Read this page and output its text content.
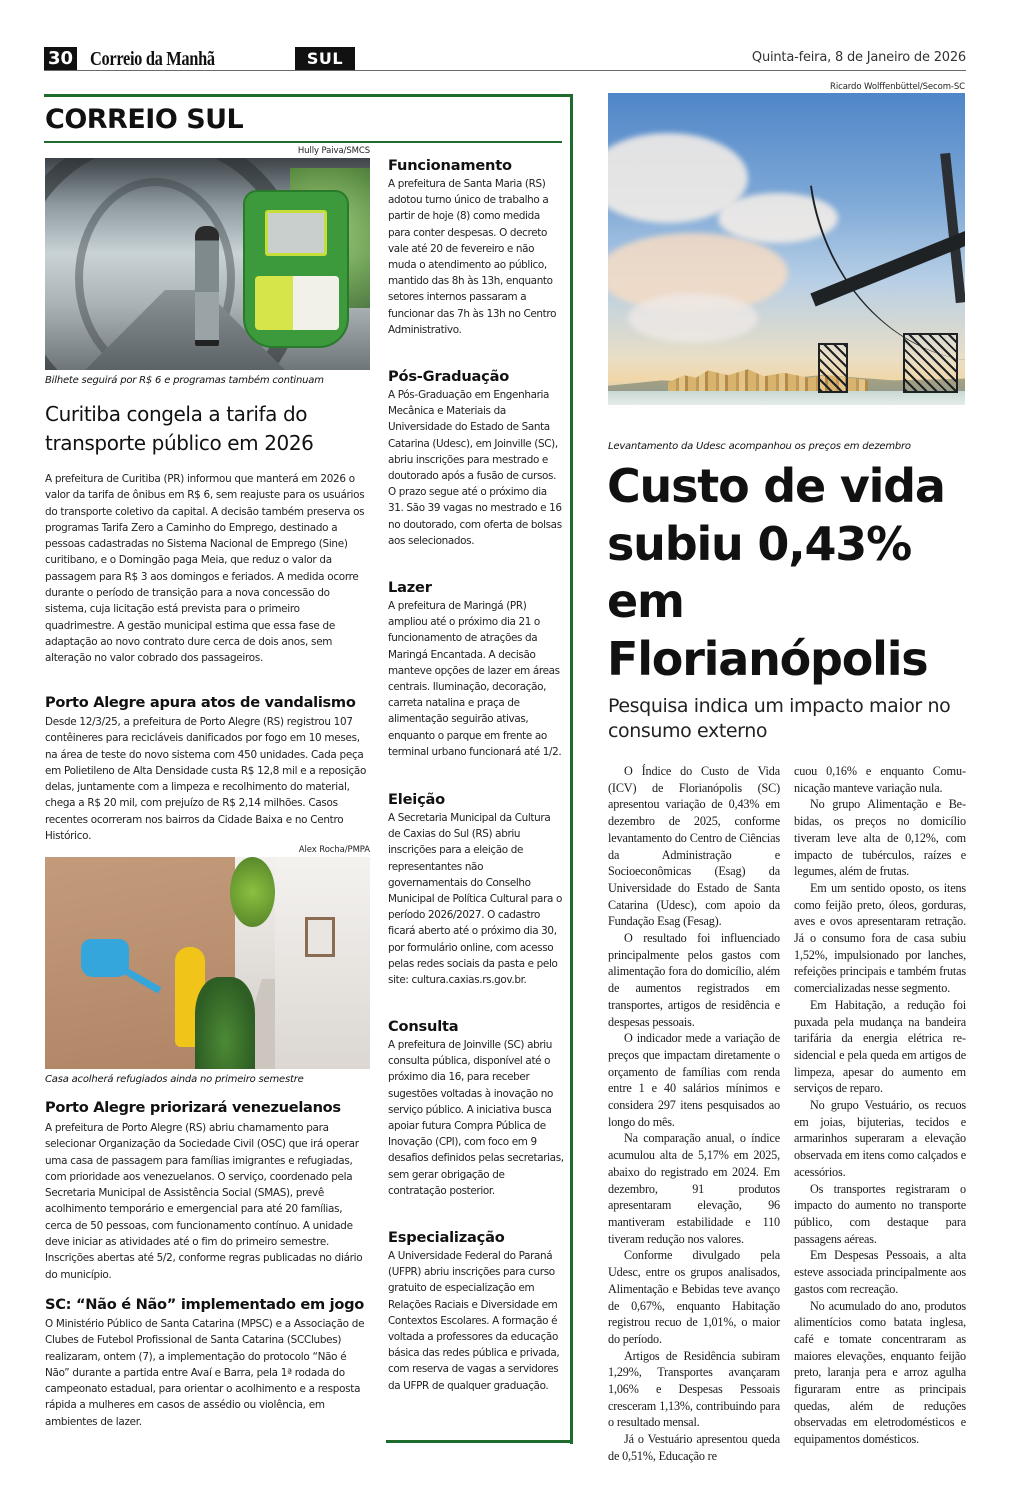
30 Correio da Manhã	SUL	Quinta-feira, 8 de Janeiro de 2026
CORREIO SUL
Hully Paiva/SMCS
Bilhete seguirá por R$ 6 e programas também continuam
Curitiba congela a tarifa do transporte público em 2026
A prefeitura de Curitiba (PR) informou que manterá em 2026 o valor da tarifa de ônibus em R$ 6, sem reajuste para os usuários do transporte coletivo da capital. A decisão também preserva os programas Tarifa Zero a Caminho do Emprego, destinado a pessoas cadastradas no Sistema Nacional de Emprego (Sine) curitibano, e o Domingão paga Meia, que reduz o valor da passagem para R$ 3 aos domingos e feriados. A medida ocorre durante o período de transição para a nova concessão do sistema, cuja licitação está prevista para o primeiro quadrimestre. A gestão municipal estima que essa fase de adaptação ao novo contrato dure cerca de dois anos, sem alteração no valor cobrado dos passageiros.
Porto Alegre apura atos de vandalismo
Desde 12/3/25, a prefeitura de Porto Alegre (RS) registrou 107 contêineres para recicláveis danificados por fogo em 10 meses, na área de teste do novo sistema com 450 unidades. Cada peça em Polietileno de Alta Densidade custa R$ 12,8 mil e a reposição delas, juntamente com a limpeza e recolhimento do material, chega a R$ 20 mil, com prejuízo de R$ 2,14 milhões. Casos recentes ocorreram nos bairros da Cidade Baixa e no Centro Histórico.
Alex Rocha/PMPA
Casa acolherá refugiados ainda no primeiro semestre
Porto Alegre priorizará venezuelanos
A prefeitura de Porto Alegre (RS) abriu chamamento para selecionar Organização da Sociedade Civil (OSC) que irá operar uma casa de passagem para famílias imigrantes e refugiadas, com prioridade aos venezuelanos. O serviço, coordenado pela Secretaria Municipal de Assistência Social (SMAS), prevê acolhimento temporário e emergencial para até 20 famílias, cerca de 50 pessoas, com funcionamento contínuo. A unidade deve iniciar as atividades até o fim do primeiro semestre. Inscrições abertas até 5/2, conforme regras publicadas no diário do município.
SC: “Não é Não” implementado em jogo
O Ministério Público de Santa Catarina (MPSC) e a Associação de Clubes de Futebol Profissional de Santa Catarina (SCClubes) realizaram, ontem (7), a implementação do protocolo “Não é Não” durante a partida entre Avaí e Barra, pela 1ª rodada do campeonato estadual, para orientar o acolhimento e a resposta rápida a mulheres em casos de assédio ou violência, em ambientes de lazer.
Funcionamento
A prefeitura de Santa Maria (RS) adotou turno único de trabalho a partir de hoje (8) como medida para conter despesas. O decreto vale até 20 de fevereiro e não muda o atendimento ao público, mantido das 8h às 13h, enquanto setores internos passaram a funcionar das 7h às 13h no Centro Administrativo.
Pós-Graduação
A Pós-Graduação em Engenharia Mecânica e Materiais da Universidade do Estado de Santa Catarina (Udesc), em Joinville (SC), abriu inscrições para mestrado e doutorado após a fusão de cursos. O prazo segue até o próximo dia 31. São 39 vagas no mestrado e 16 no doutorado, com oferta de bolsas aos selecionados.
Lazer
A prefeitura de Maringá (PR) ampliou até o próximo dia 21 o funcionamento de atrações da Maringá Encantada. A decisão manteve opções de lazer em áreas centrais. Iluminação, decoração, carreta natalina e praça de alimentação seguirão ativas, enquanto o parque em frente ao terminal urbano funcionará até 1/2.
Eleição
A Secretaria Municipal da Cultura de Caxias do Sul (RS) abriu inscrições para a eleição de representantes não governamentais do Conselho Municipal de Política Cultural para o período 2026/2027. O cadastro ficará aberto até o próximo dia 30, por formulário online, com acesso pelas redes sociais da pasta e pelo site: cultura.caxias.rs.gov.br.
Consulta
A prefeitura de Joinville (SC) abriu consulta pública, disponível até o próximo dia 16, para receber sugestões voltadas à inovação no serviço público. A iniciativa busca apoiar futura Compra Pública de Inovação (CPI), com foco em 9 desafios definidos pelas secretarias, sem gerar obrigação de contratação posterior.
Especialização
A Universidade Federal do Paraná (UFPR) abriu inscrições para curso gratuito de especialização em Relações Raciais e Diversidade em Contextos Escolares. A formação é voltada a professores da educação básica das redes pública e privada, com reserva de vagas a servidores da UFPR de qualquer graduação.
Ricardo Wolffenbüttel/Secom-SC
Levantamento da Udesc acompanhou os preços em dezembro
Custo de vida subiu 0,43% em Florianópolis
Pesquisa indica um impacto maior no consumo externo

O Índice do Custo de Vida (ICV) de Florianópolis (SC) apresentou variação de 0,43% em dezembro de 2025, conforme levantamento do Centro de Ciências da Administração e Socioeconômicas (Esag) da Universidade do Estado de Santa Catarina (Udesc), com apoio da Fundação Esag (Fesag).

O resultado foi influenciado principalmente pelos gastos com alimentação fora do domicílio, além de aumentos registrados em transportes, artigos de residência e despesas pessoais.

O indicador mede a variação de preços que impactam diretamente o orçamento de famílias com renda entre 1 e 40 salários mínimos e considera 297 itens pesquisados ao longo do mês.

Na comparação anual, o índice acumulou alta de 5,17% em 2025, abaixo do registrado em 2024. Em dezembro, 91 produtos apresentaram elevação, 96 mantiveram estabilidade e 110 tiveram redução nos valores.

Conforme divulgado pela Udesc, entre os grupos analisados, Alimentação e Bebidas teve avanço de 0,67%, enquanto Habitação registrou recuo de 1,01%, o maior do período.

Artigos de Residência subiram 1,29%, Transportes avançaram 1,06% e Despesas Pessoais cresceram 1,13%, contribuindo para o resultado mensal.

Já o Vestuário apresentou queda de 0,51%, Educação re

cuou 0,16% e enquanto Comunicação manteve variação nula.

No grupo Alimentação e Bebidas, os preços no domicílio tiveram leve alta de 0,12%, com impacto de tubérculos, raízes e legumes, além de frutas.

Em um sentido oposto, os itens como feijão preto, óleos, gorduras, aves e ovos apresentaram retração. Já o consumo fora de casa subiu 1,52%, impulsionado por lanches, refeições principais e também frutas comercializadas nesse segmento.

Em Habitação, a redução foi puxada pela mudança na bandeira tarifária da energia elétrica residencial e pela queda em artigos de limpeza, apesar do aumento em serviços de reparo.

No grupo Vestuário, os recuos em joias, bijuterias, tecidos e armarinhos superaram a elevação observada em itens como calçados e acessórios.

Os transportes registraram o impacto do aumento no transporte público, com destaque para passagens aéreas.

Em Despesas Pessoais, a alta esteve associada principalmente aos gastos com recreação.

No acumulado do ano, produtos alimentícios como batata inglesa, café e tomate concentraram as maiores elevações, enquanto feijão preto, laranja pera e arroz agulha figuraram entre as principais quedas, além de reduções observadas em eletrodomésticos e equipamentos domésticos.
